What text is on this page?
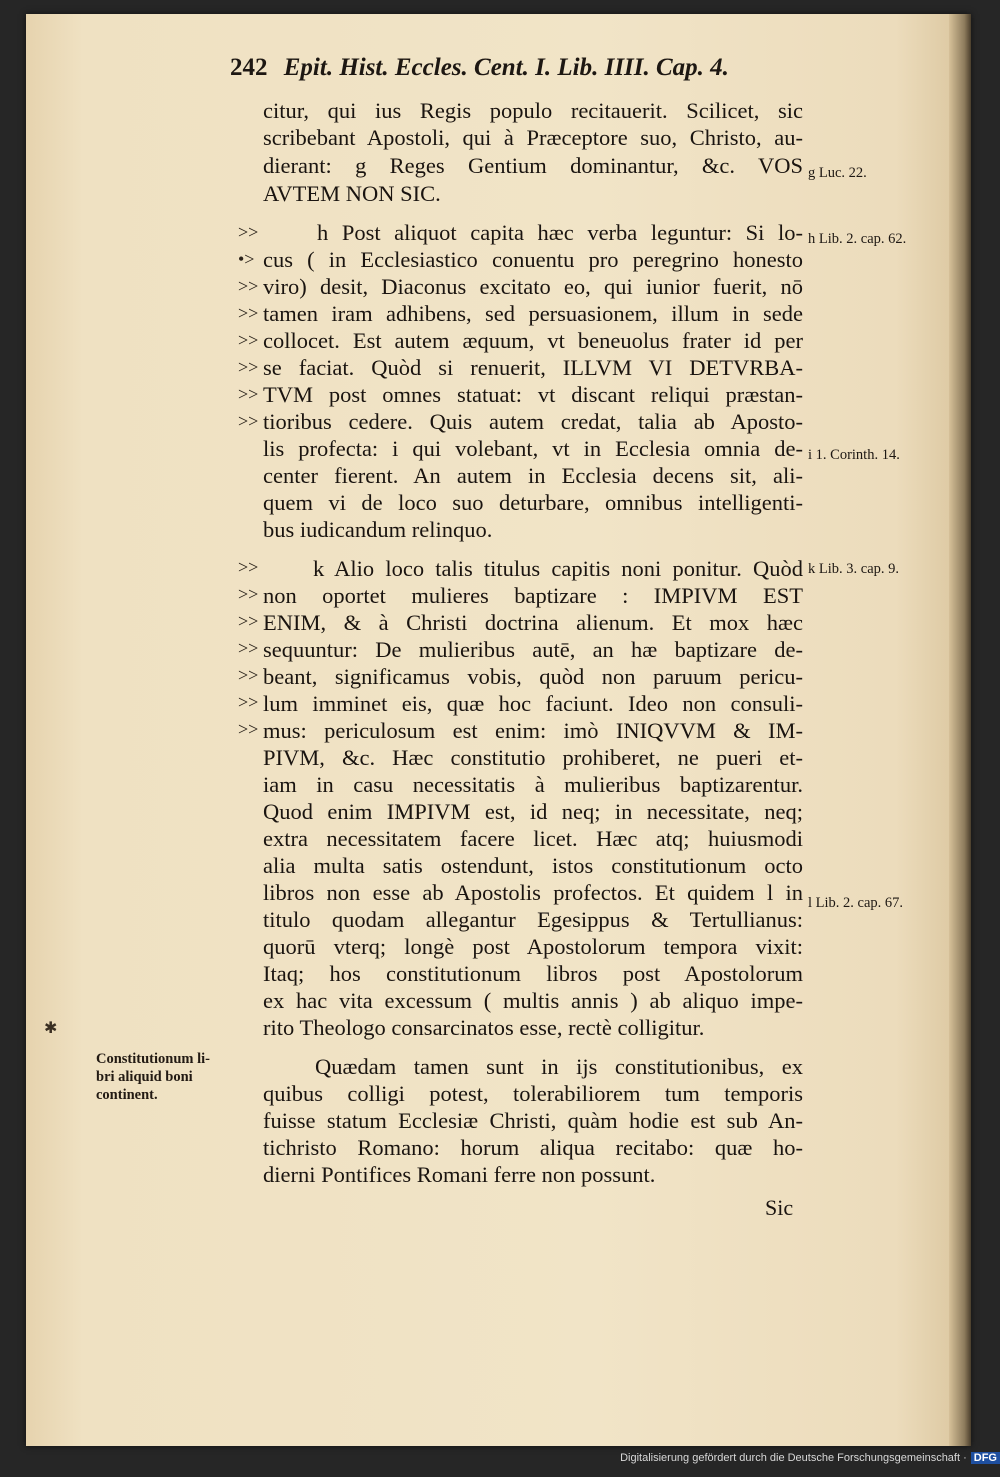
242 Epit. Hist. Eccles. Cent. I. Lib. IIII. Cap. 4.
citur, qui ius Regis populo recitauerit. Scilicet, sic
scribebant Apostoli, qui à Præceptore suo, Christo, au-
dierant: g Reges Gentium dominantur, &c. VOS
AVTEM NON SIC.
h Post aliquot capita hæc verba leguntur: Si lo-
cus ( in Ecclesiastico conuentu pro peregrino honesto
viro) desit, Diaconus excitato eo, qui iunior fuerit, nō
tamen iram adhibens, sed persuasionem, illum in sede
collocet. Est autem æquum, vt beneuolus frater id per
se faciat. Quòd si renuerit, ILLVM VI DETVRBA-
TVM post omnes statuat: vt discant reliqui præstan-
tioribus cedere. Quis autem credat, talia ab Aposto-
lis profecta: i qui volebant, vt in Ecclesia omnia de-
center fierent. An autem in Ecclesia decens sit, ali-
quem vi de loco suo deturbare, omnibus intelligenti-
bus iudicandum relinquo.
k Alio loco talis titulus capitis noni ponitur. Quòd
non oportet mulieres baptizare : IMPIVM EST
ENIM, & à Christi doctrina alienum. Et mox hæc
sequuntur: De mulieribus autē, an hæ baptizare de-
beant, significamus vobis, quòd non paruum pericu-
lum imminet eis, quæ hoc faciunt. Ideo non consuli-
mus: periculosum est enim: imò INIQVVM & IM-
PIVM, &c. Hæc constitutio prohiberet, ne pueri et-
iam in casu necessitatis à mulieribus baptizarentur.
Quod enim IMPIVM est, id neq; in necessitate, neq;
extra necessitatem facere licet. Hæc atq; huiusmodi
alia multa satis ostendunt, istos constitutionum octo
libros non esse ab Apostolis profectos. Et quidem l in
titulo quodam allegantur Egesippus & Tertullianus:
quorū vterq; longè post Apostolorum tempora vixit:
Itaq; hos constitutionum libros post Apostolorum
ex hac vita excessum ( multis annis ) ab aliquo impe-
rito Theologo consarcinatos esse, rectè colligitur.
Quædam tamen sunt in ijs constitutionibus, ex
quibus colligi potest, tolerabiliorem tum temporis
fuisse statum Ecclesiæ Christi, quàm hodie est sub An-
tichristo Romano: horum aliqua recitabo: quæ ho-
dierni Pontifices Romani ferre non possunt.
>>
•>
>>
>>
>>
>>
>>
>>
>>
>>
>>
>>
>>
>>
>>
g Luc. 22.
h Lib. 2. cap. 62.
i 1. Corinth. 14.
k Lib. 3. cap. 9.
l Lib. 2. cap. 67.
Constitutionum li-
bri aliquid boni
continent.
✱
Sic
Digitalisierung gefördert durch die Deutsche Forschungsgemeinschaft · DFG
